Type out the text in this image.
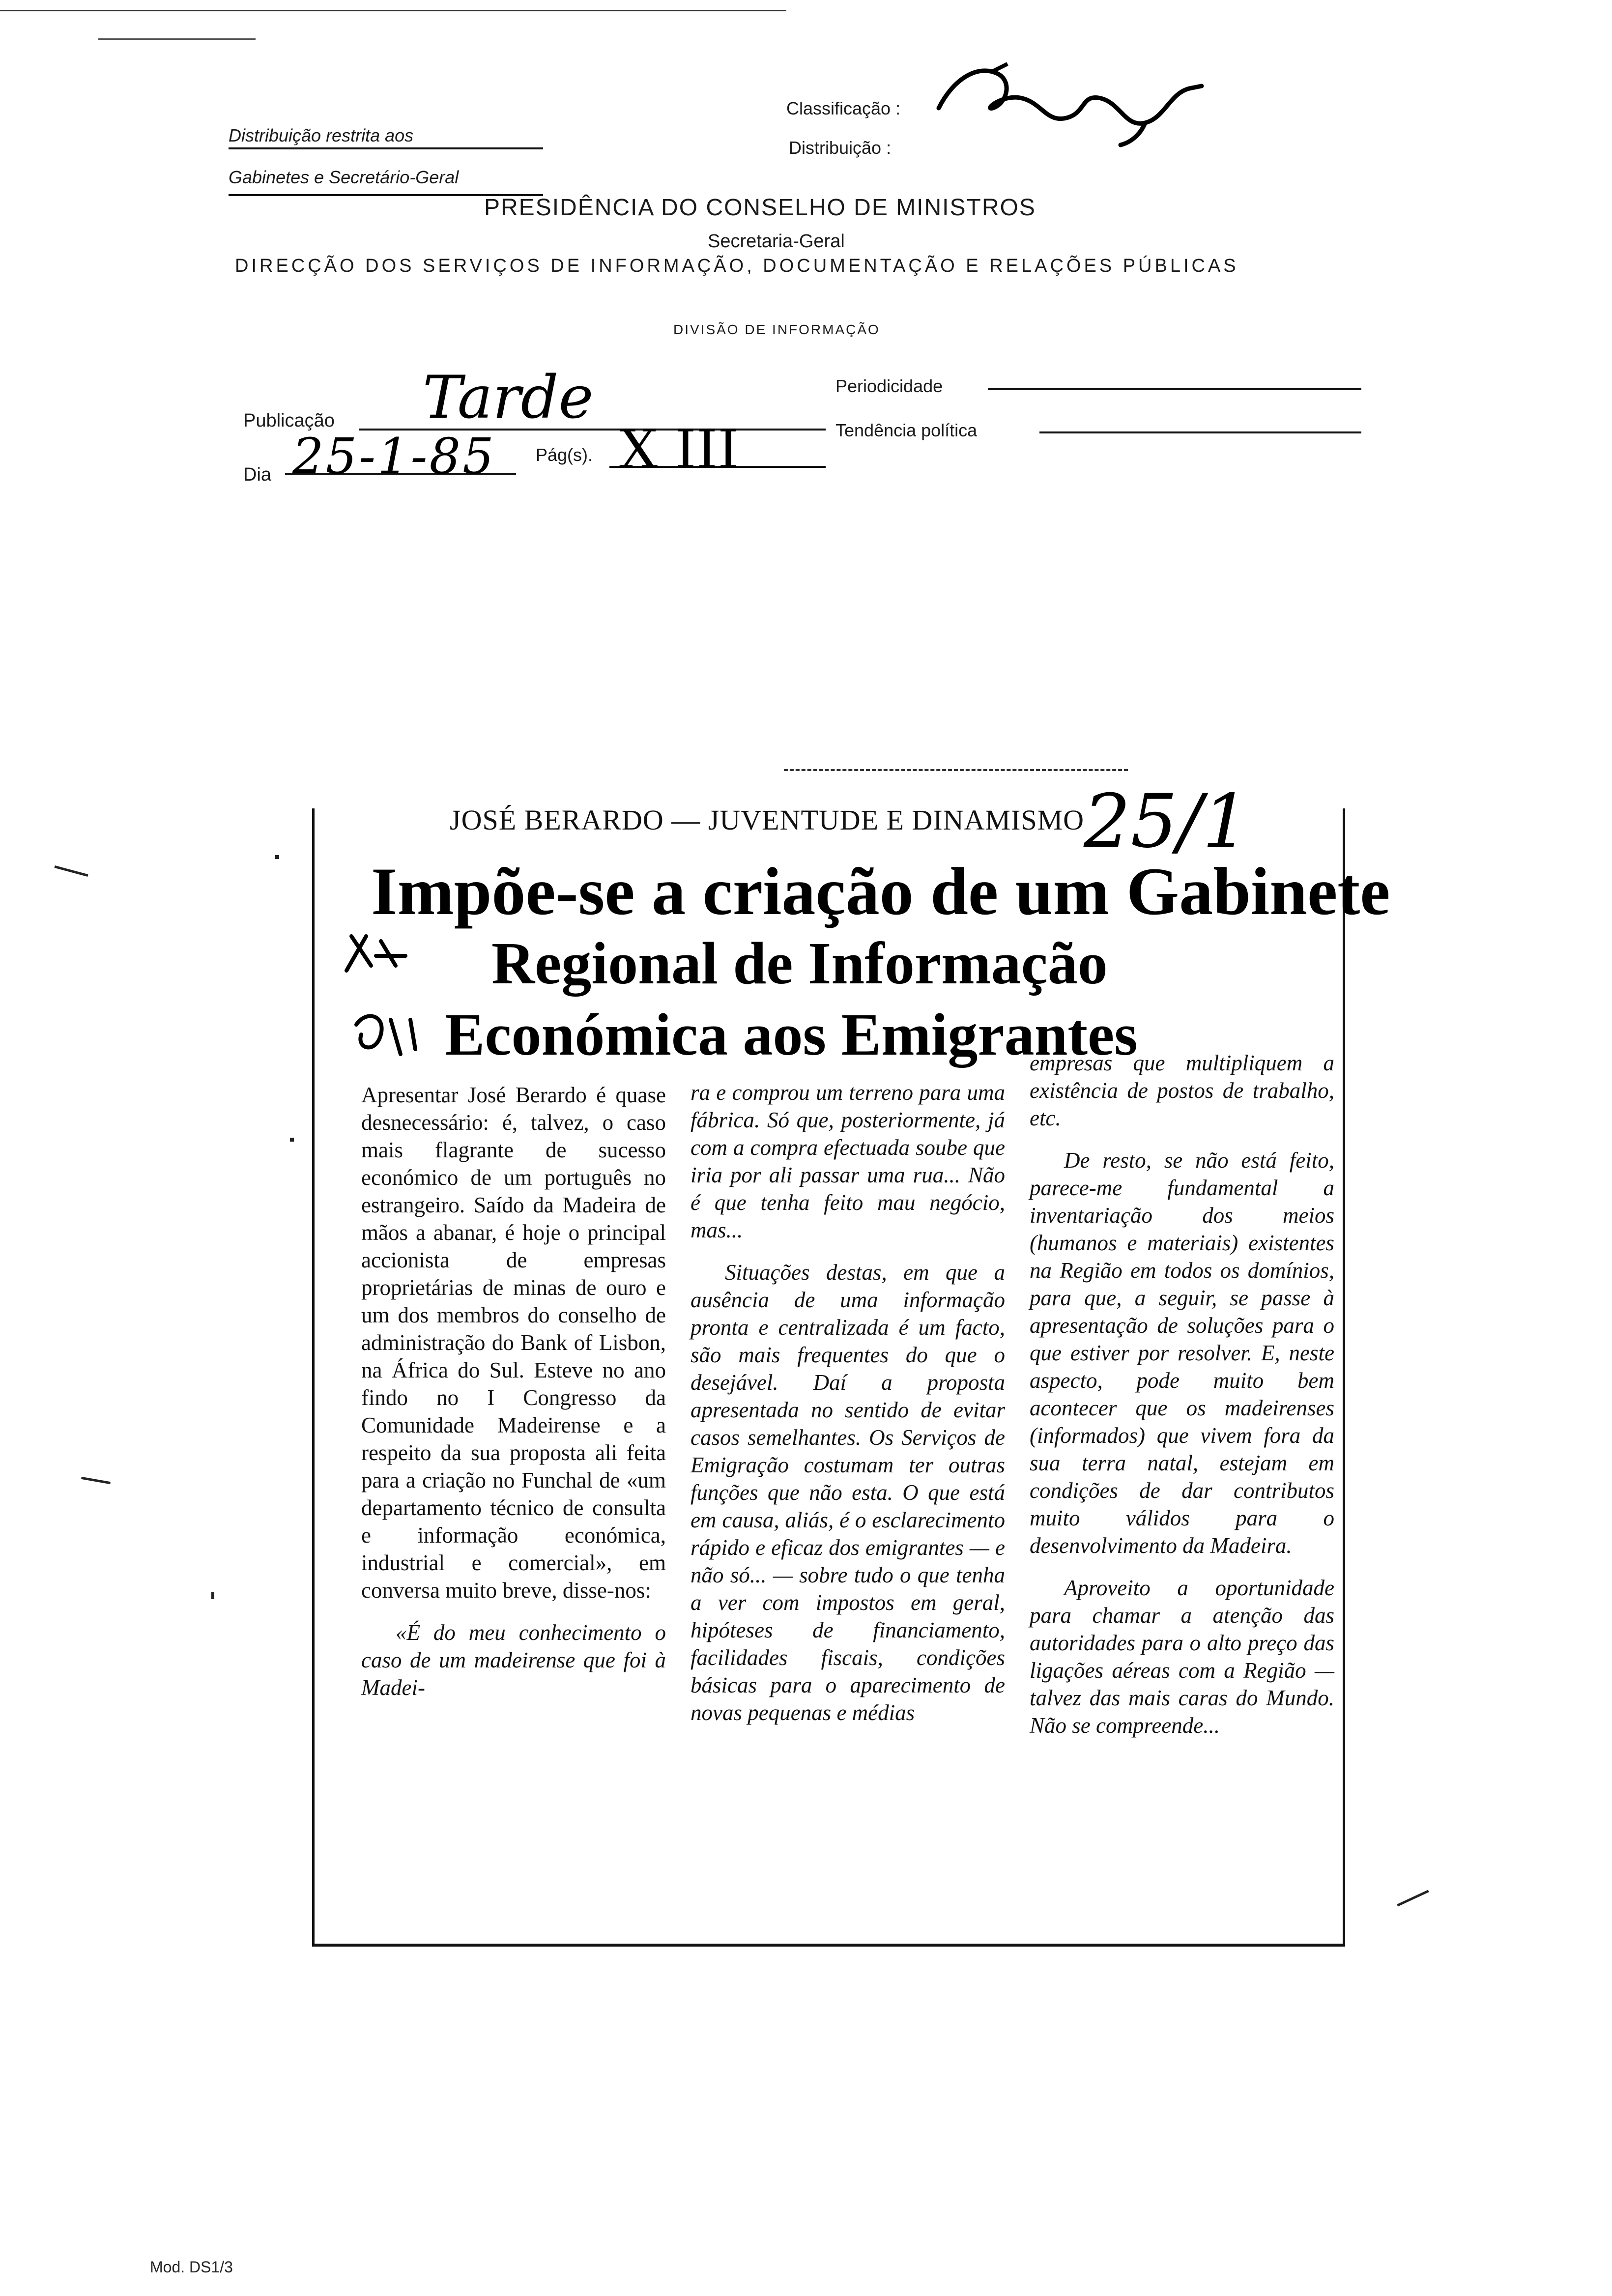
Distribuição restrita aos
Gabinetes e Secretário-Geral
Classificação :
Distribuição :
PRESIDÊNCIA DO CONSELHO DE MINISTROS
Secretaria-Geral
DIRECÇÃO DOS SERVIÇOS DE INFORMAÇÃO, DOCUMENTAÇÃO E RELAÇÕES PÚBLICAS
DIVISÃO DE INFORMAÇÃO
Publicação Tarde	Periodicidade
Dia 25-1-85 Pág(s). X III	Tendência política
JOSÉ BERARDO — JUVENTUDE E DINAMISMO
Impõe-se a criação de um Gabinete
Regional de Informação
Económica aos Emigrantes
25/1

Apresentar José Berardo é quase desnecessário: é, talvez, o caso mais flagrante de sucesso económico de um português no estrangeiro. Saído da Madeira de mãos a abanar, é hoje o principal accionista de empresas proprietárias de minas de ouro e um dos membros do conselho de administração do Bank of Lisbon, na África do Sul. Esteve no ano findo no I Congresso da Comunidade Madeirense e a respeito da sua proposta ali feita para a criação no Funchal de «um departamento técnico de consulta e informação económica, industrial e comercial», em conversa muito breve, disse-nos:

«É do meu conhecimento o caso de um madeirense que foi à Madei-

ra e comprou um terreno para uma fábrica. Só que, posteriormente, já com a compra efectuada soube que iria por ali passar uma rua... Não é que tenha feito mau negócio, mas...

Situações destas, em que a ausência de uma informação pronta e centralizada é um facto, são mais frequentes do que o desejável. Daí a proposta apresentada no sentido de evitar casos semelhantes. Os Serviços de Emigração costumam ter outras funções que não esta. O que está em causa, aliás, é o esclarecimento rápido e eficaz dos emigrantes — e não só... — sobre tudo o que tenha a ver com impostos em geral, hipóteses de financiamento, facilidades fiscais, condições básicas para o aparecimento de novas pequenas e médias

empresas que multipliquem a existência de postos de trabalho, etc.

De resto, se não está feito, parece-me fundamental a inventariação dos meios (humanos e materiais) existentes na Região em todos os domínios, para que, a seguir, se passe à apresentação de soluções para o que estiver por resolver. E, neste aspecto, pode muito bem acontecer que os madeirenses (informados) que vivem fora da sua terra natal, estejam em condições de dar contributos muito válidos para o desenvolvimento da Madeira.

Aproveito a oportunidade para chamar a atenção das autoridades para o alto preço das ligações aéreas com a Região — talvez das mais caras do Mundo. Não se compreende...

Mod. DS1/3
